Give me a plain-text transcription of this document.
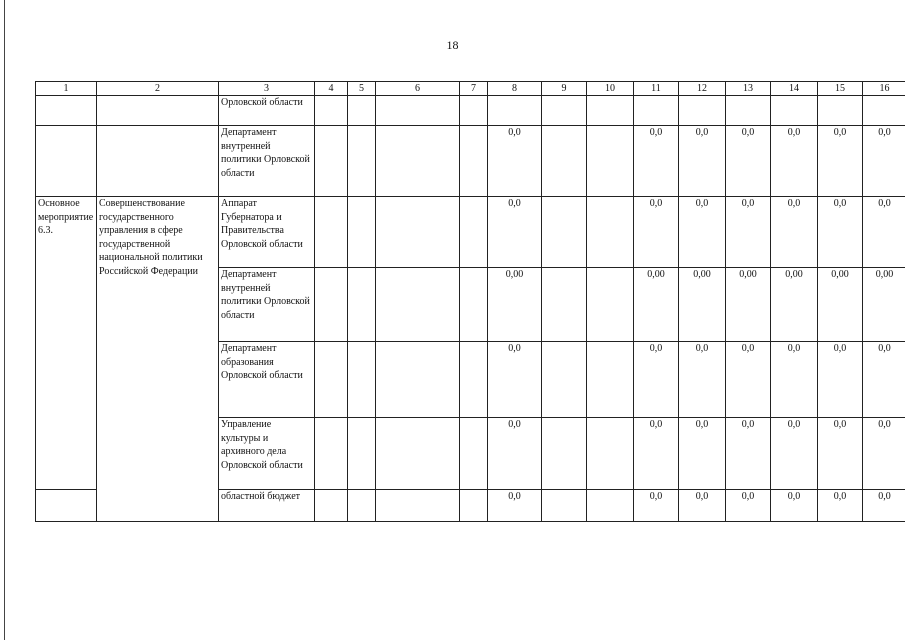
18
1	2	3	4	5	6	7	8	9	10	11	12	13	14	15	16
		Орловской области													
		Департамент внутренней политики Орловской области					0,0			0,0	0,0	0,0	0,0	0,0	0,0
Основное мероприятие 6.3.	Совершенствование государственного управления в сфере государственной национальной политики Российской Федерации	Аппарат Губернатора и Правительства Орловской области					0,0			0,0	0,0	0,0	0,0	0,0	0,0
		Департамент внутренней политики Орловской области					0,00			0,00	0,00	0,00	0,00	0,00	0,00
		Департамент образования Орловской области					0,0			0,0	0,0	0,0	0,0	0,0	0,0
		Управление культуры и архивного дела Орловской области					0,0			0,0	0,0	0,0	0,0	0,0	0,0
		областной бюджет					0,0			0,0	0,0	0,0	0,0	0,0	0,0
